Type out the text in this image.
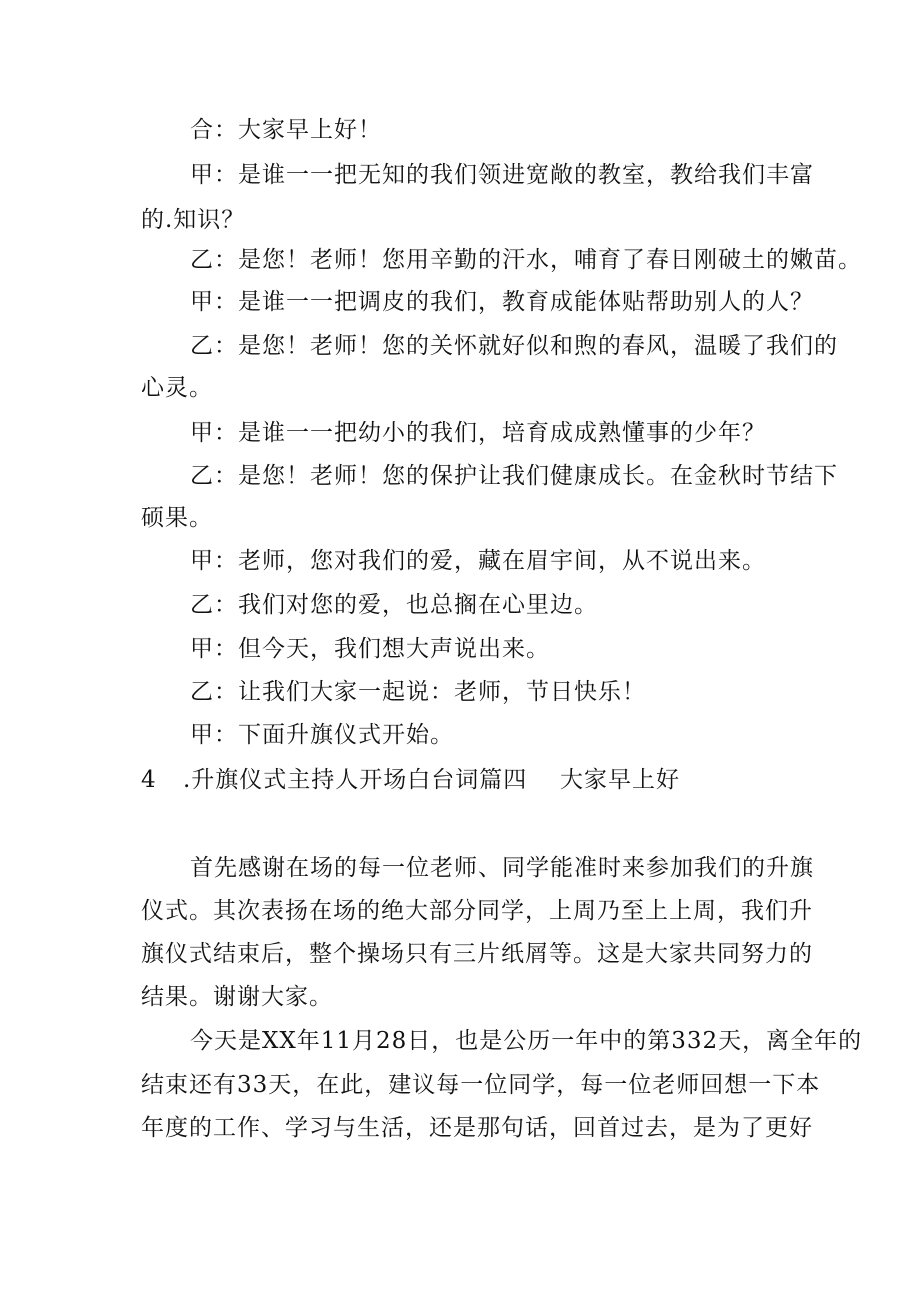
合：大家早上好！
甲：是谁一一把无知的我们领进宽敞的教室，教给我们丰富
的.知识？
乙：是您！老师！您用辛勤的汗水，哺育了春日刚破土的嫩苗。
甲：是谁一一把调皮的我们，教育成能体贴帮助别人的人？
乙：是您！老师！您的关怀就好似和煦的春风，温暖了我们的
心灵。
甲：是谁一一把幼小的我们，培育成成熟懂事的少年？
乙：是您！老师！您的保护让我们健康成长。在金秋时节结下
硕果。
甲：老师，您对我们的爱，藏在眉宇间，从不说出来。
乙：我们对您的爱，也总搁在心里边。
甲：但今天，我们想大声说出来。
乙：让我们大家一起说：老师，节日快乐！
甲：下面升旗仪式开始。
4 .升旗仪式主持人开场白台词篇四 大家早上好
首先感谢在场的每一位老师、同学能准时来参加我们的升旗
仪式。其次表扬在场的绝大部分同学，上周乃至上上周，我们升
旗仪式结束后，整个操场只有三片纸屑等。这是大家共同努力的
结果。谢谢大家。
今天是XX年11月28日，也是公历一年中的第332天，离全年的
结束还有33天，在此，建议每一位同学，每一位老师回想一下本
年度的工作、学习与生活，还是那句话，回首过去，是为了更好
